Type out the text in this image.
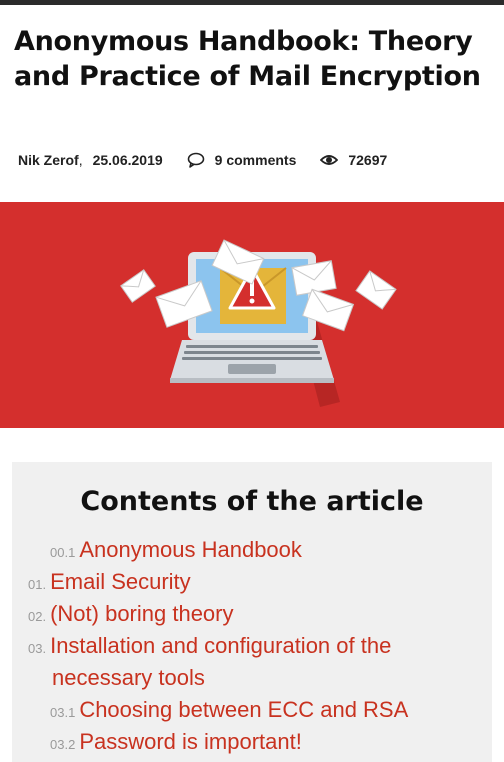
Anonymous Handbook: Theory and Practice of Mail Encryption
Nik Zerof , 25.06.2019	9 comments	72697
Contents of the article
00.1 Anonymous Handbook
01. Email Security
02. (Not) boring theory
03. Installation and configuration of the
necessary tools
03.1 Choosing between ECC and RSA
03.2 Password is important!
